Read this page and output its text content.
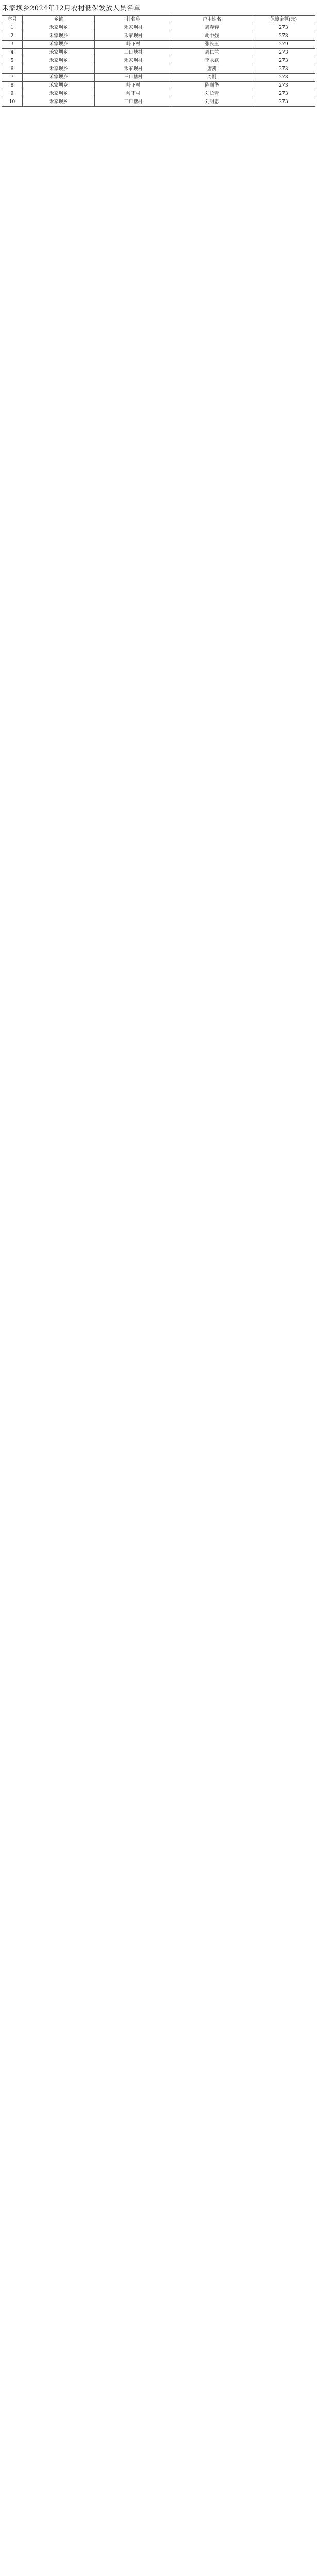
禾家坝乡2024年12月农村低保发放人员名单
序号	乡镇	村名称	户主姓名	保障金额(元)
1	禾家坝乡	禾家坝村	周春春	273
2	禾家坝乡	禾家坝村	胡中强	273
3	禾家坝乡	岭下村	张长玉	279
4	禾家坝乡	三口塘村	周仁兰	273
5	禾家坝乡	禾家坝村	李永武	273
6	禾家坝乡	禾家坝村	唐凯	273
7	禾家坝乡	三口塘村	周刚	273
8	禾家坝乡	岭下村	陈顺华	273
9	禾家坝乡	岭下村	刘长青	273
10	禾家坝乡	三口塘村	刘明忠	273
